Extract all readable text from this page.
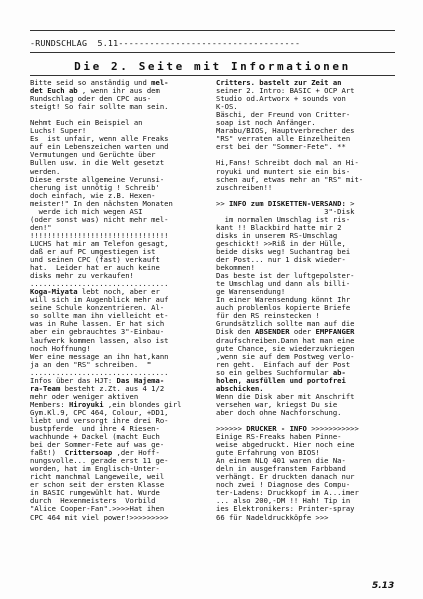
-RUNDSCHLAG  5.11-----------------------------------
Die 2. Seite mit Informationen
Bitte seid so anständig und mel-
det Euch ab , wenn ihr aus dem
Rundschlag oder den CPC aus-
steigt! So fair sollte man sein.
Nehmt Euch ein Beispiel an
Luchs! Super!
Es  ist unfair, wenn alle Freaks
auf ein Lebenszeichen warten und
Vermutungen und Gerüchte über
Bullen usw. in die Welt gesetzt
werden.
Diese erste allgemeine Verunsi-
cherung ist unnötig ! Schreib'
doch einfach, wie z.B. Hexen-
meister!" In den nächsten Monaten
werde ich mich wegen ASI
(oder sonst was) nicht mehr mel-
den!"
!!!!!!!!!!!!!!!!!!!!!!!!!!!!!!!!
LUCHS hat mir am Telefon gesagt,
daß er auf PC umgestiegen ist
und seinen CPC (fast) verkauft
hat.  Leider hat er auch keine
disks mehr zu verkaufen!
................................
Koga-Miyata lebt noch, aber er
will sich im Augenblick mehr auf
seine Schule konzentrieren. Al-
so sollte man ihn vielleicht et-
was in Ruhe lassen. Er hat sich
aber ein gebrauchtes 3"-Einbau-
laufwerk kommen lassen, also ist
noch Hoffnung!
Wer eine message an ihn hat,kann
ja an den "RS" schreiben.  "
................................
Infos über das HJT: Das Hajema-
ra-Team besteht z.Zt. aus 4 1/2
mehr oder weniger aktiven
Members: Hiroyuki ,ein blondes girl
Gym.Kl.9, CPC 464, Colour, +DD1,
liebt und versorgt ihre drei Ro-
bustpferde  und ihre 4 Riesen-
wachhunde + Dackel (macht Euch
bei der Sommer-Fete auf was ge-
faßt!)  Crittersoap ,der Hoff-
nungsvolle... gerade erst 11 ge-
worden, hat im Englisch-Unter-
richt manchmal Langeweile, weil
er schon seit der ersten Klasse
in BASIC rumgewühlt hat. Wurde
durch  Hexenmeisters  Vorbild
"Alice Cooper-Fan".>>>>Hat ihen
CPC 464 mit viel power!>>>>>>>>>
Critters. bastelt zur Zeit an
seiner 2. Intro: BASIC + OCP Art
Studio od.Artworx + sounds von
K-OS.
Bäschi, der Freund von Critter-
soap ist noch Anfänger.
Marabu/BIOS, Hauptverbrecher des
"RS" verraten alle Einzelheiten
erst bei der "Sommer-Fete". **
Hi,Fans! Schreibt doch mal an Hi-
royuki und muntert sie ein bis-
schen auf, etwas mehr an "RS" mit-
zuschreiben!!
>> INFO zum DISKETTEN-VERSAND: >
3"-Disk
im normalen Umschlag ist ris-
kant !! Blackbird hatte mir 2
disks in unserem RS-Umschlag
geschickt! >>Riß in der Hülle,
beide disks weg! Suchantrag bei
der Post... nur 1 disk wieder-
bekommen!
Das beste ist der luftgepolster-
te Umschlag und dann als billi-
ge Warensendung!
In einer Warensendung könnt Ihr
auch problemlos kopierte Briefe
für den RS reinstecken !
Grundsätzlich sollte man auf die
Disk den ABSENDER oder EMPFANGER
draufschreiben.Dann hat man eine
gute Chance, sie wiederzukriegen
,wenn sie auf dem Postweg verlo-
ren geht.  Einfach auf der Post
so ein gelbes Suchformular ab-
holen, ausfüllen und portofrei
abschicken.
Wenn die Disk aber mit Anschrift
versehen war, kriegst Du sie
aber doch ohne Nachforschung.
>>>>>> DRUCKER - INFO >>>>>>>>>>>
Einige RS-Freaks haben Pinne-
weise abgedruckt. Hier noch eine
gute Erfahrung von BIOS!
An einem NLQ 401 waren die Na-
deln in ausgefranstem Farbband
verhängt. Er druckten danach nur
noch zwei ! Diagnose des Compu-
ter-Ladens: Druckkopf im A...imer
... also 200,-DM !! Hah! Tip in
ies Elektronikers: Printer-spray
66 für Nadeldruckköpfe >>>
5.13
